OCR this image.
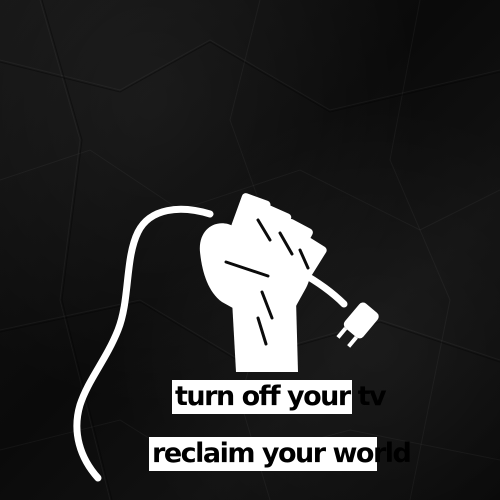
turn off your tv
reclaim your world
